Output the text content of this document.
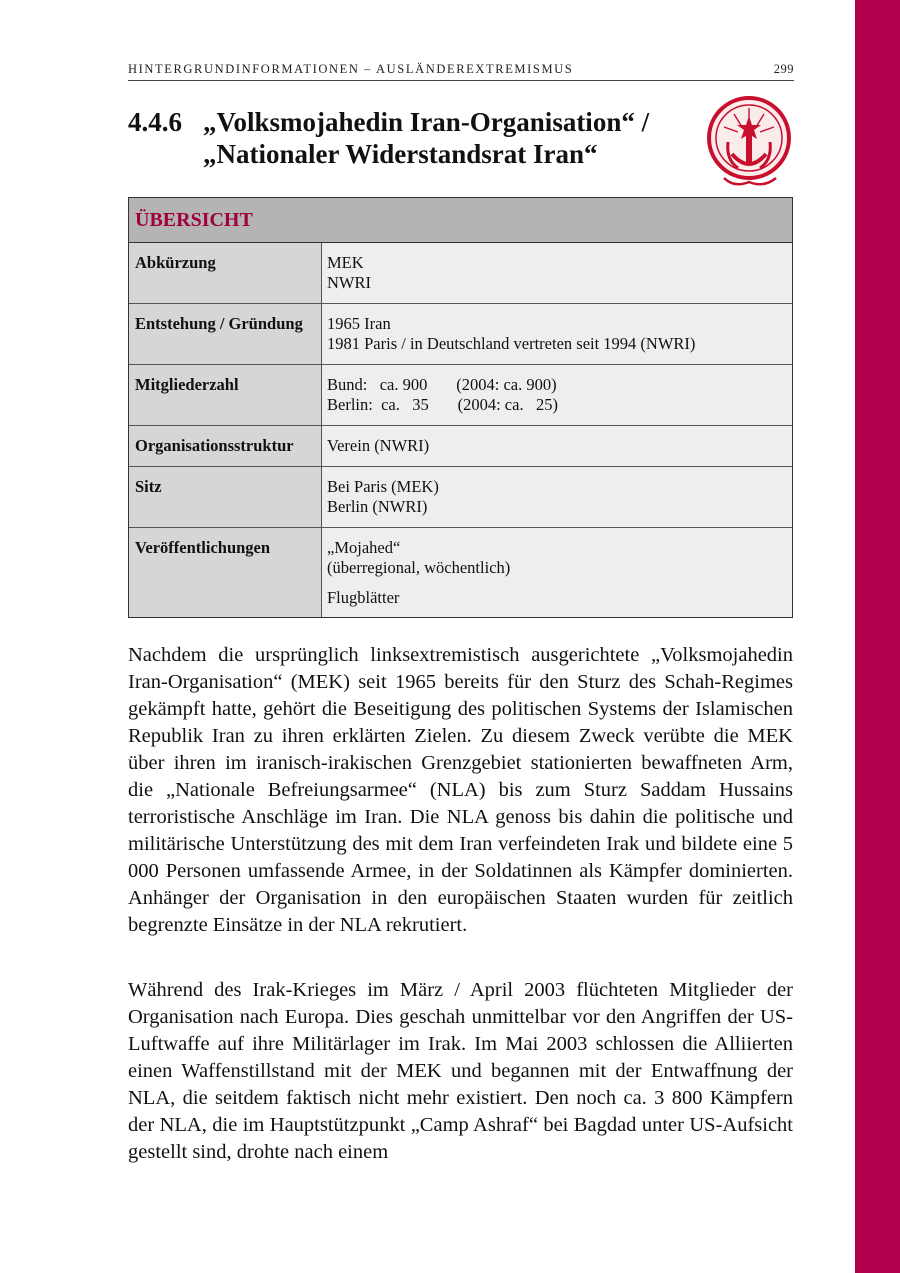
HINTERGRUNDINFORMATIONEN – AUSLÄNDEREXTREMISMUS	299
4.4.6 „Volksmojahedin Iran-Organisation“ /
„Nationaler Widerstandsrat Iran“
ÜBERSICHT
Abkürzung	MEK
NWRI
Entstehung / Gründung	1965 Iran
1981 Paris / in Deutschland vertreten seit 1994 (NWRI)
Mitgliederzahl	Bund:   ca. 900       (2004: ca. 900)
Berlin:  ca.   35       (2004: ca.   25)
Organisationsstruktur	Verein (NWRI)
Sitz	Bei Paris (MEK)
Berlin (NWRI)
Veröffentlichungen	„Mojahed“
(überregional, wöchentlich)
Flugblätter

Nachdem die ursprünglich linksextremistisch ausgerichtete „Volksmojahedin Iran-Organisation“ (MEK) seit 1965 bereits für den Sturz des Schah-Regimes gekämpft hatte, gehört die Beseitigung des politischen Systems der Islamischen Republik Iran zu ihren erklärten Zielen. Zu diesem Zweck verübte die MEK über ihren im iranisch-irakischen Grenzgebiet stationierten bewaffneten Arm, die „Nationale Befreiungsarmee“ (NLA) bis zum Sturz Saddam Hussains terroristische Anschläge im Iran. Die NLA genoss bis dahin die politische und militärische Unterstützung des mit dem Iran verfeindeten Irak und bildete eine 5 000 Personen umfassende Armee, in der Soldatinnen als Kämpfer dominierten. Anhänger der Organisation in den europäischen Staaten wurden für zeitlich begrenzte Einsätze in der NLA rekrutiert.

Während des Irak-Krieges im März / April 2003 flüchteten Mitglieder der Organisation nach Europa. Dies geschah unmittelbar vor den Angriffen der US-Luftwaffe auf ihre Militärlager im Irak. Im Mai 2003 schlossen die Alliierten einen Waffenstillstand mit der MEK und begannen mit der Entwaffnung der NLA, die seitdem faktisch nicht mehr existiert. Den noch ca. 3 800 Kämpfern der NLA, die im Hauptstützpunkt „Camp Ashraf“ bei Bagdad unter US-Aufsicht gestellt sind, drohte nach einem
